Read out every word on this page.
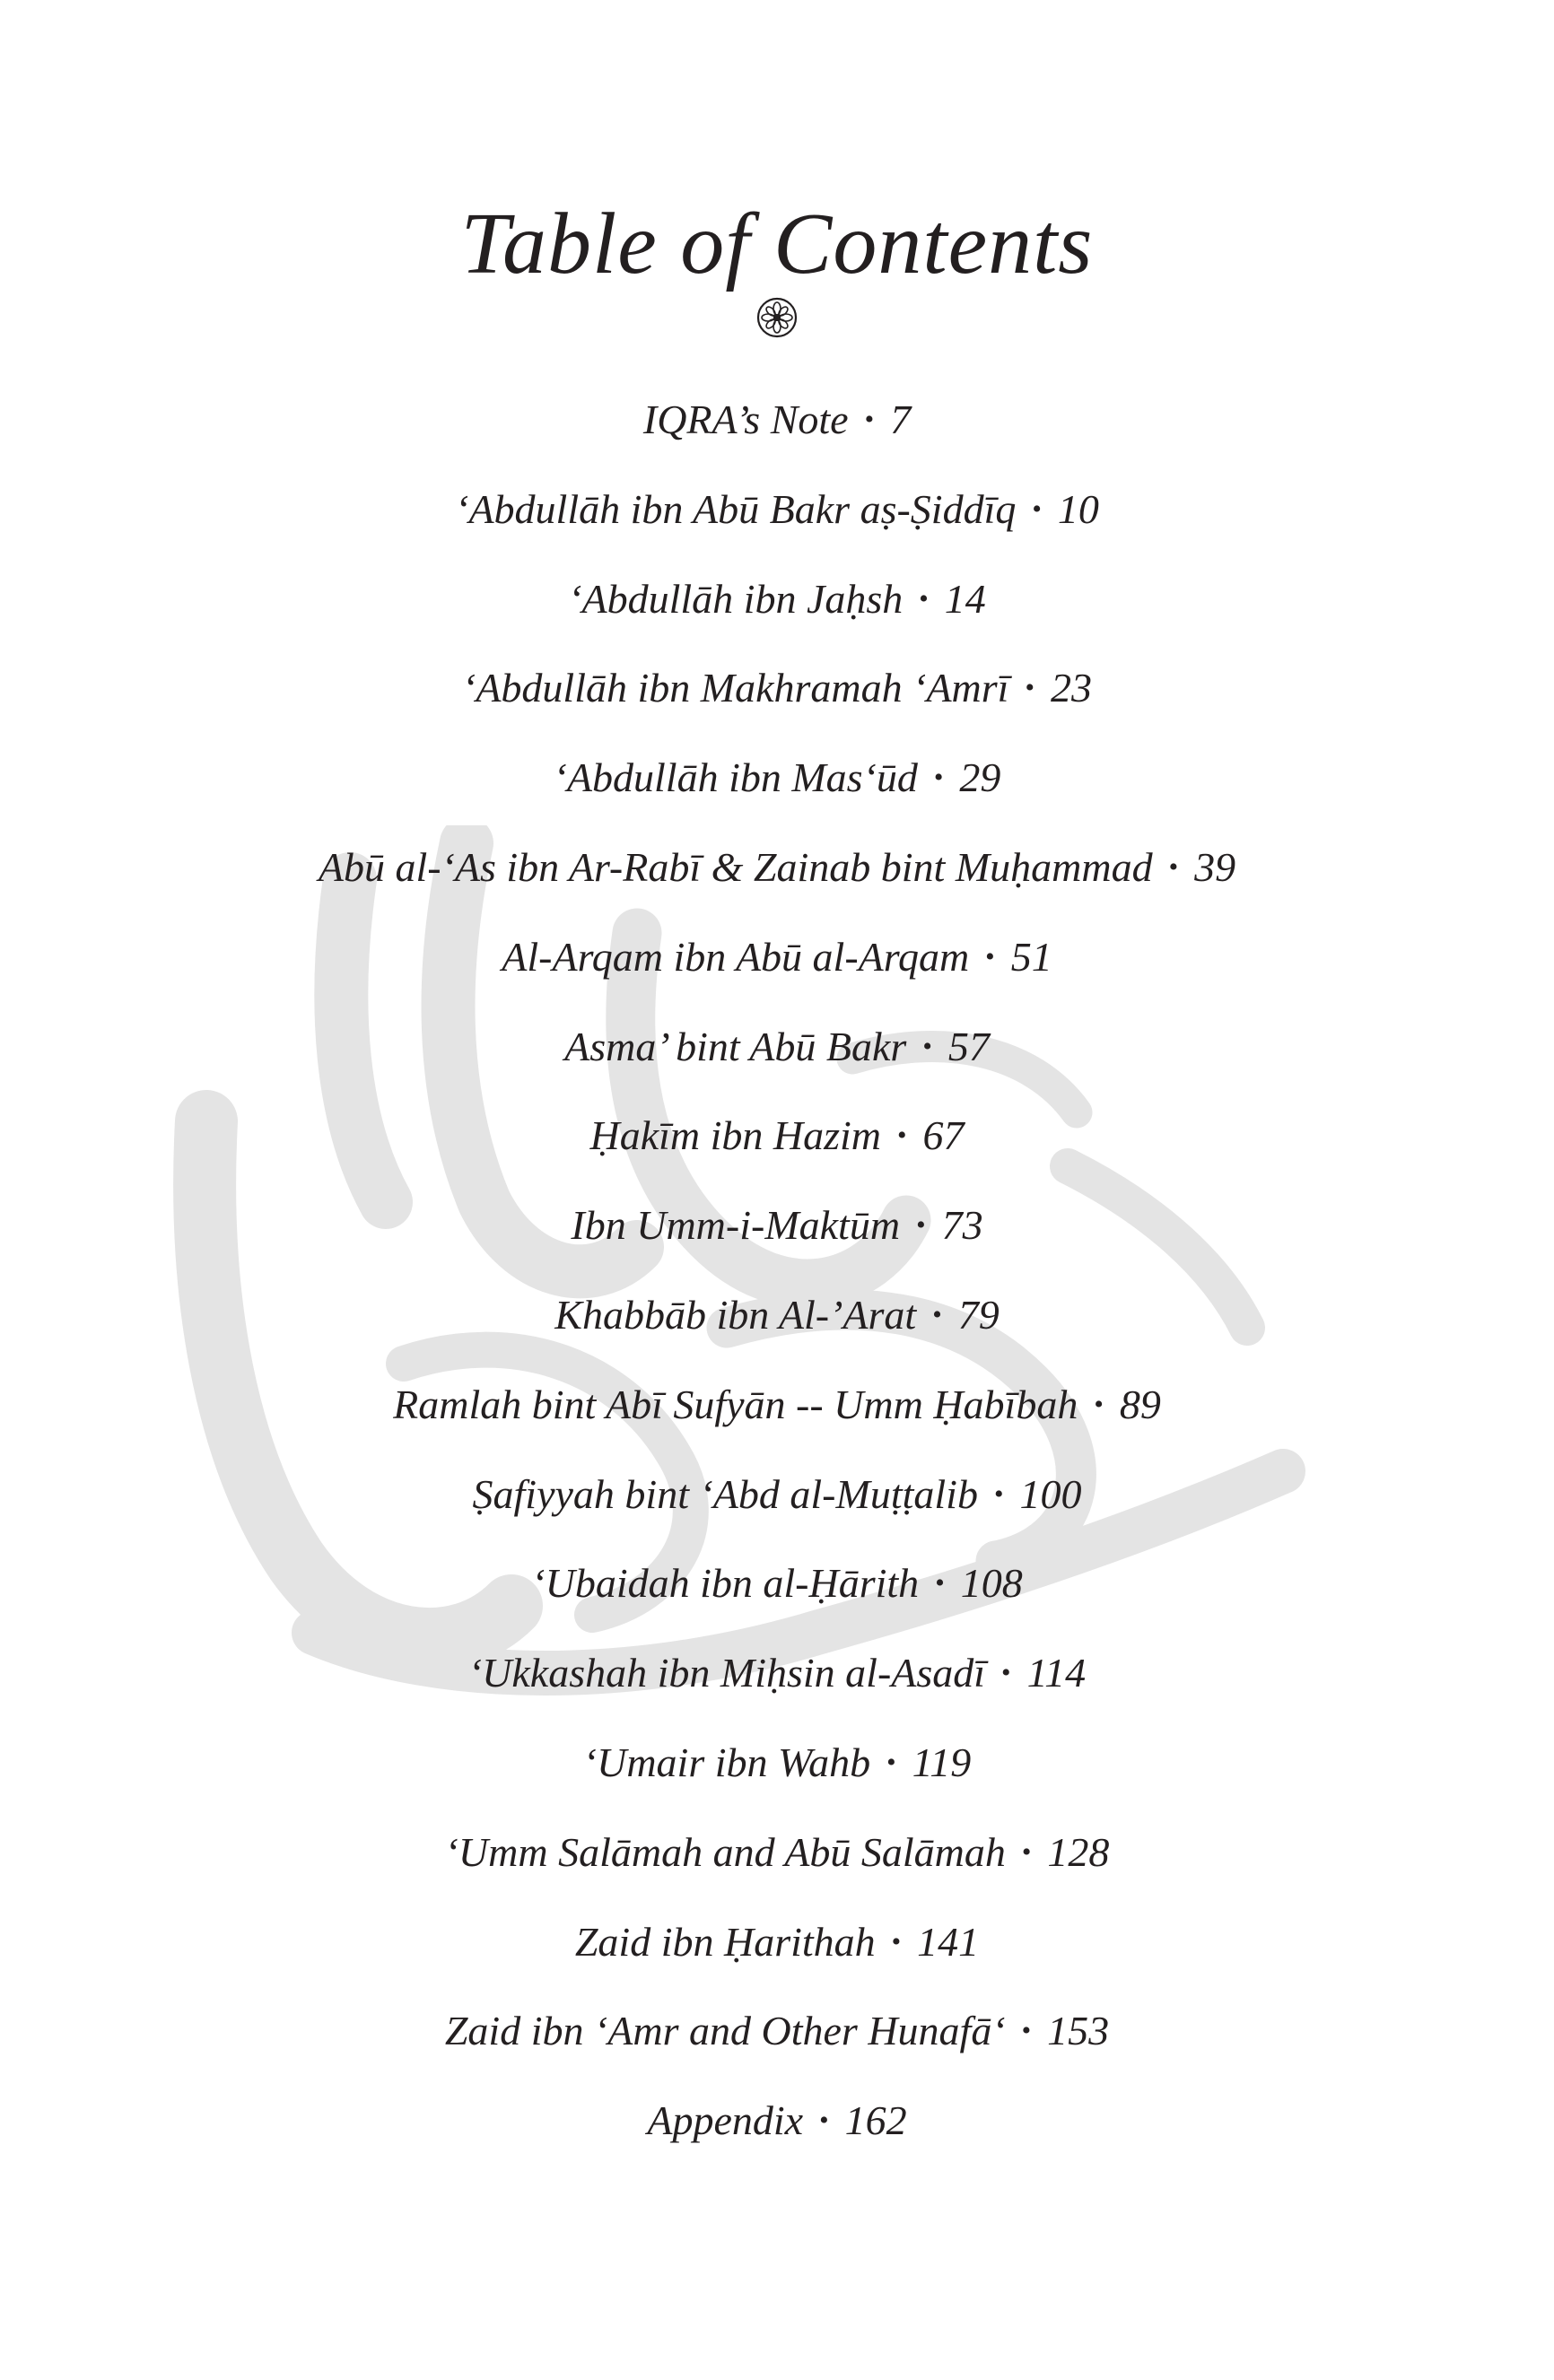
Table of Contents
IQRA’s Note • 7
‘Abdullāh ibn Abū Bakr aṣ-Ṣiddīq • 10
‘Abdullāh ibn Jaḥsh • 14
‘Abdullāh ibn Makhramah ‘Amrī • 23
‘Abdullāh ibn Mas‘ūd • 29
Abū al-‘As ibn Ar-Rabī & Zainab bint Muḥammad • 39
Al-Arqam ibn Abū al-Arqam • 51
Asma’ bint Abū Bakr • 57
Ḥakīm ibn Hazim • 67
Ibn Umm-i-Maktūm • 73
Khabbāb ibn Al-’Arat • 79
Ramlah bint Abī Sufyān -- Umm Ḥabībah • 89
Ṣafiyyah bint ‘Abd al-Muṭṭalib • 100
‘Ubaidah ibn al-Ḥārith • 108
‘Ukkashah ibn Miḥsin al-Asadī • 114
‘Umair ibn Wahb • 119
‘Umm Salāmah and Abū Salāmah • 128
Zaid ibn Ḥarithah • 141
Zaid ibn ‘Amr and Other Hunafā‘ • 153
Appendix • 162
